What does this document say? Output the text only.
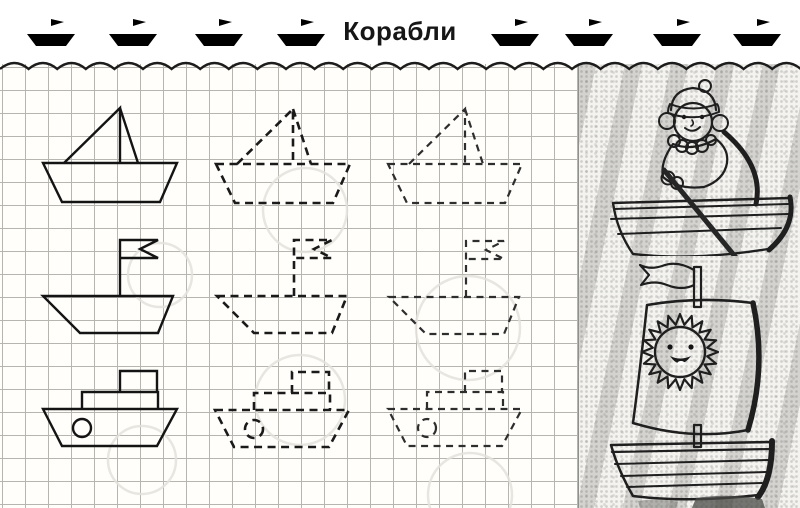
Корабли
